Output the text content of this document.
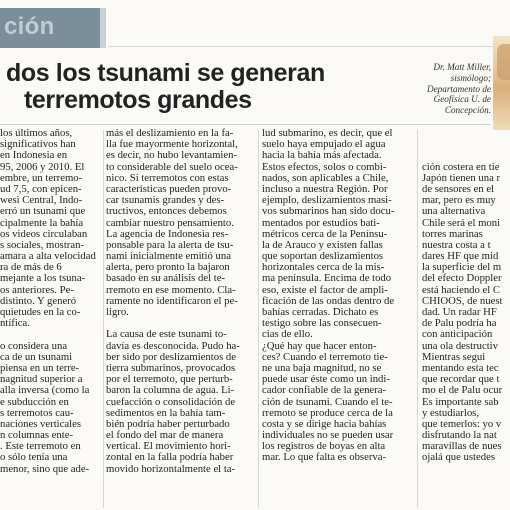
ción
dos los tsunami se generan
terremotos grandes
Dr. Matt Miller,
sismólogo;
Departamento de
Geofísica U. de
Concepción.
los últimos años,
significativos han
en Indonesia en
95, 2006 y 2010. El
embre, un terremo-
ud 7,5, con epicen-
wesi Central, Indo-
erró un tsunami que
cipalmente la bahía
os videos circulaban
s sociales, mostran-
amara a alta velocidad
ra de más de 6
mejante a los tsuna-
os anteriores. Pe-
distinto. Y generó
quietudes en la co-
ntífica.
o considera una
ca de un tsunami
piensa en un terre-
nagnitud superior a
alla inversa (como la
e subducción en
s terremotos cau-
naciones verticales
n columnas ente-
. Este terremoto en
o sólo tenía una
menor, sino que ade-
más el deslizamiento en la fa-
lla fue mayormente horizontal,
es decir, no hubo levantamien-
to considerable del suelo ocea-
nico. Si terremotos con estas
características pueden provo-
car tsunamis grandes y des-
tructivos, entonces debemos
cambiar nuestro pensamiento.
La agencia de Indonesia res-
ponsable para la alerta de tsu-
nami inicialmente emitió una
alerta, pero pronto la bajaron
basado en su análisis del te-
rremoto en ese momento. Cla-
ramente no identificaron el pe-
ligro.
La causa de este tsunami to-
davía es desconocida. Pudo ha-
ber sido por deslizamientos de
tierra submarinos, provocados
por el terremoto, que perturb-
baron la columna de agua. Li-
cuefacción o consolidación de
sedimentos en la bahía tam-
bién podría haber perturbado
el fondo del mar de manera
vertical. El movimiento hori-
zontal en la falla podría haber
movido horizontalmente el ta-
lud submarino, es decir, que el
suelo haya empujado el agua
hacia la bahía más afectada.
Estos efectos, solos o combi-
nados, son aplicables a Chile,
incluso a nuestra Región. Por
ejemplo, deslizamientos masi-
vos submarinos han sido docu-
mentados por estudios bati-
métricos cerca de la Penínsu-
la de Arauco y existen fallas
que soportan deslizamientos
horizontales cerca de la mis-
ma península. Encima de todo
eso, existe el factor de ampli-
ficación de las ondas dentro de
bahías cerradas. Dichato es
testigo sobre las consecuen-
cias de ello.
¿Qué hay que hacer enton-
ces? Cuando el terremoto tie-
ne una baja magnitud, no se
puede usar éste como un indi-
cador confiable de la genera-
ción de tsunami. Cuando el te-
rremoto se produce cerca de la
costa y se dirige hacia bahías
individuales no se pueden usar
los registros de boyas en alta
mar. Lo que falta es observa-
ción costera en tie
Japón tienen una r
de sensores en el
mar, pero es muy
una alternativa
Chile será el moni
torres marinas
nuestra costa a t
dares HF que mid
la superficie del m
del efecto Doppler
está haciendo el C
CHIOOS, de nuest
dad. Un radar HF
de Palu podría ha
con anticipación
una ola destructiv
Mientras segui
mentando esta tec
que recordar que t
mo el de Palu ocur
Es importante sab
y estudiarlos,
que temerlos: yo v
disfrutando la nat
maravillas de nues
ojalá que ustedes
